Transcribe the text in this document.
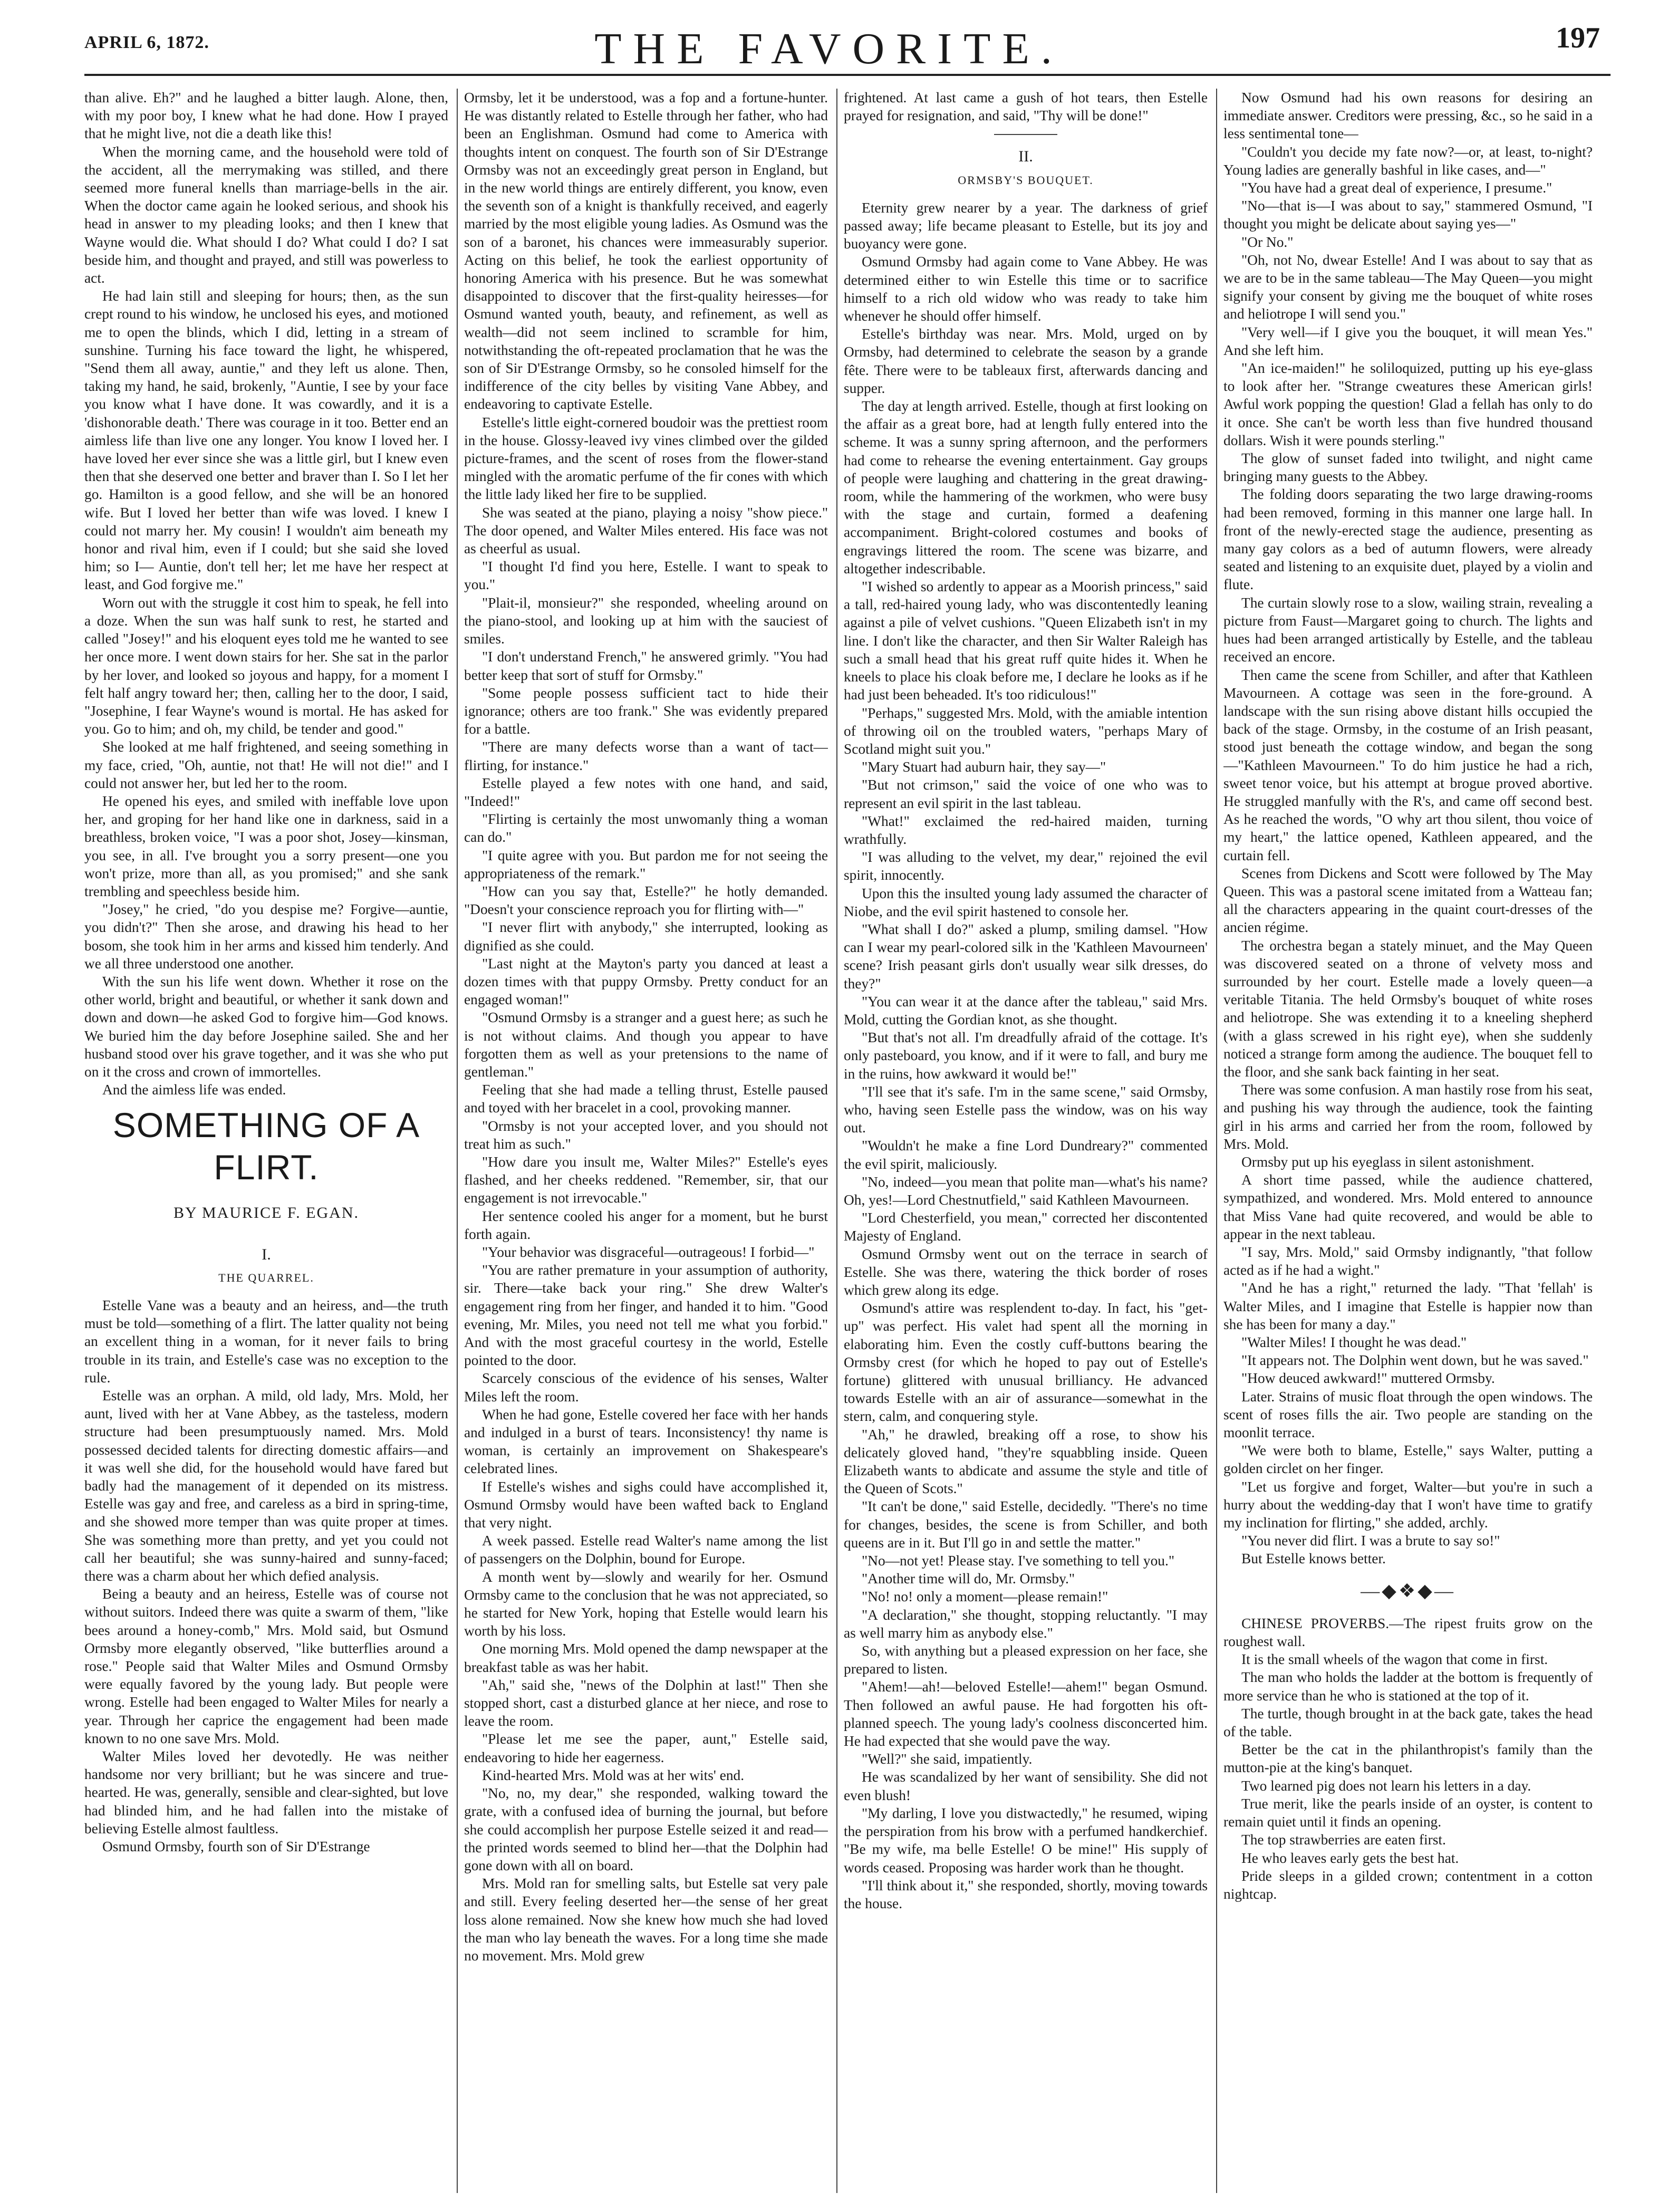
APRIL 6, 1872.	THE FAVORITE.	197

than alive. Eh?" and he laughed a bitter laugh. Alone, then, with my poor boy, I knew what he had done. How I prayed that he might live, not die a death like this!

When the morning came, and the household were told of the accident, all the merrymaking was stilled, and there seemed more funeral knells than marriage-bells in the air. When the doctor came again he looked serious, and shook his head in answer to my pleading looks; and then I knew that Wayne would die. What should I do? What could I do? I sat beside him, and thought and prayed, and still was powerless to act.

He had lain still and sleeping for hours; then, as the sun crept round to his window, he unclosed his eyes, and motioned me to open the blinds, which I did, letting in a stream of sunshine. Turning his face toward the light, he whispered, "Send them all away, auntie," and they left us alone. Then, taking my hand, he said, brokenly, "Auntie, I see by your face you know what I have done. It was cowardly, and it is a 'dishonorable death.' There was courage in it too. Better end an aimless life than live one any longer. You know I loved her. I have loved her ever since she was a little girl, but I knew even then that she deserved one better and braver than I. So I let her go. Hamilton is a good fellow, and she will be an honored wife. But I loved her better than wife was loved. I knew I could not marry her. My cousin! I wouldn't aim beneath my honor and rival him, even if I could; but she said she loved him; so I— Auntie, don't tell her; let me have her respect at least, and God forgive me."

Worn out with the struggle it cost him to speak, he fell into a doze. When the sun was half sunk to rest, he started and called "Josey!" and his eloquent eyes told me he wanted to see her once more. I went down stairs for her. She sat in the parlor by her lover, and looked so joyous and happy, for a moment I felt half angry toward her; then, calling her to the door, I said, "Josephine, I fear Wayne's wound is mortal. He has asked for you. Go to him; and oh, my child, be tender and good."

She looked at me half frightened, and seeing something in my face, cried, "Oh, auntie, not that! He will not die!" and I could not answer her, but led her to the room.

He opened his eyes, and smiled with ineffable love upon her, and groping for her hand like one in darkness, said in a breathless, broken voice, "I was a poor shot, Josey—kinsman, you see, in all. I've brought you a sorry present—one you won't prize, more than all, as you promised;" and she sank trembling and speechless beside him.

"Josey," he cried, "do you despise me? Forgive—auntie, you didn't?" Then she arose, and drawing his head to her bosom, she took him in her arms and kissed him tenderly. And we all three understood one another.

With the sun his life went down. Whether it rose on the other world, bright and beautiful, or whether it sank down and down and down—he asked God to forgive him—God knows. We buried him the day before Josephine sailed. She and her husband stood over his grave together, and it was she who put on it the cross and crown of immortelles.

And the aimless life was ended.

SOMETHING OF A FLIRT.
BY MAURICE F. EGAN.
I.
THE QUARREL.

Estelle Vane was a beauty and an heiress, and—the truth must be told—something of a flirt. The latter quality not being an excellent thing in a woman, for it never fails to bring trouble in its train, and Estelle's case was no exception to the rule.

Estelle was an orphan. A mild, old lady, Mrs. Mold, her aunt, lived with her at Vane Abbey, as the tasteless, modern structure had been presumptuously named. Mrs. Mold possessed decided talents for directing domestic affairs—and it was well she did, for the household would have fared but badly had the management of it depended on its mistress. Estelle was gay and free, and careless as a bird in spring-time, and she showed more temper than was quite proper at times. She was something more than pretty, and yet you could not call her beautiful; she was sunny-haired and sunny-faced; there was a charm about her which defied analysis.

Being a beauty and an heiress, Estelle was of course not without suitors. Indeed there was quite a swarm of them, "like bees around a honey-comb," Mrs. Mold said, but Osmund Ormsby more elegantly observed, "like butterflies around a rose." People said that Walter Miles and Osmund Ormsby were equally favored by the young lady. But people were wrong. Estelle had been engaged to Walter Miles for nearly a year. Through her caprice the engagement had been made known to no one save Mrs. Mold.

Walter Miles loved her devotedly. He was neither handsome nor very brilliant; but he was sincere and true-hearted. He was, generally, sensible and clear-sighted, but love had blinded him, and he had fallen into the mistake of believing Estelle almost faultless.

Osmund Ormsby, fourth son of Sir D'Estrange

Ormsby, let it be understood, was a fop and a fortune-hunter. He was distantly related to Estelle through her father, who had been an Englishman. Osmund had come to America with thoughts intent on conquest. The fourth son of Sir D'Estrange Ormsby was not an exceedingly great person in England, but in the new world things are entirely different, you know, even the seventh son of a knight is thankfully received, and eagerly married by the most eligible young ladies. As Osmund was the son of a baronet, his chances were immeasurably superior. Acting on this belief, he took the earliest opportunity of honoring America with his presence. But he was somewhat disappointed to discover that the first-quality heiresses—for Osmund wanted youth, beauty, and refinement, as well as wealth—did not seem inclined to scramble for him, notwithstanding the oft-repeated proclamation that he was the son of Sir D'Estrange Ormsby, so he consoled himself for the indifference of the city belles by visiting Vane Abbey, and endeavoring to captivate Estelle.

Estelle's little eight-cornered boudoir was the prettiest room in the house. Glossy-leaved ivy vines climbed over the gilded picture-frames, and the scent of roses from the flower-stand mingled with the aromatic perfume of the fir cones with which the little lady liked her fire to be supplied.

She was seated at the piano, playing a noisy "show piece." The door opened, and Walter Miles entered. His face was not as cheerful as usual.

"I thought I'd find you here, Estelle. I want to speak to you."

"Plait-il, monsieur?" she responded, wheeling around on the piano-stool, and looking up at him with the sauciest of smiles.

"I don't understand French," he answered grimly. "You had better keep that sort of stuff for Ormsby."

"Some people possess sufficient tact to hide their ignorance; others are too frank." She was evidently prepared for a battle.

"There are many defects worse than a want of tact—flirting, for instance."

Estelle played a few notes with one hand, and said, "Indeed!"

"Flirting is certainly the most unwomanly thing a woman can do."

"I quite agree with you. But pardon me for not seeing the appropriateness of the remark."

"How can you say that, Estelle?" he hotly demanded. "Doesn't your conscience reproach you for flirting with—"

"I never flirt with anybody," she interrupted, looking as dignified as she could.

"Last night at the Mayton's party you danced at least a dozen times with that puppy Ormsby. Pretty conduct for an engaged woman!"

"Osmund Ormsby is a stranger and a guest here; as such he is not without claims. And though you appear to have forgotten them as well as your pretensions to the name of gentleman."

Feeling that she had made a telling thrust, Estelle paused and toyed with her bracelet in a cool, provoking manner.

"Ormsby is not your accepted lover, and you should not treat him as such."

"How dare you insult me, Walter Miles?" Estelle's eyes flashed, and her cheeks reddened. "Remember, sir, that our engagement is not irrevocable."

Her sentence cooled his anger for a moment, but he burst forth again.

"Your behavior was disgraceful—outrageous! I forbid—"

"You are rather premature in your assumption of authority, sir. There—take back your ring." She drew Walter's engagement ring from her finger, and handed it to him. "Good evening, Mr. Miles, you need not tell me what you forbid." And with the most graceful courtesy in the world, Estelle pointed to the door.

Scarcely conscious of the evidence of his senses, Walter Miles left the room.

When he had gone, Estelle covered her face with her hands and indulged in a burst of tears. Inconsistency! thy name is woman, is certainly an improvement on Shakespeare's celebrated lines.

If Estelle's wishes and sighs could have accomplished it, Osmund Ormsby would have been wafted back to England that very night.

A week passed. Estelle read Walter's name among the list of passengers on the Dolphin, bound for Europe.

A month went by—slowly and wearily for her. Osmund Ormsby came to the conclusion that he was not appreciated, so he started for New York, hoping that Estelle would learn his worth by his loss.

One morning Mrs. Mold opened the damp newspaper at the breakfast table as was her habit.

"Ah," said she, "news of the Dolphin at last!" Then she stopped short, cast a disturbed glance at her niece, and rose to leave the room.

"Please let me see the paper, aunt," Estelle said, endeavoring to hide her eagerness.

Kind-hearted Mrs. Mold was at her wits' end.

"No, no, my dear," she responded, walking toward the grate, with a confused idea of burning the journal, but before she could accomplish her purpose Estelle seized it and read—the printed words seemed to blind her—that the Dolphin had gone down with all on board.

Mrs. Mold ran for smelling salts, but Estelle sat very pale and still. Every feeling deserted her—the sense of her great loss alone remained. Now she knew how much she had loved the man who lay beneath the waves. For a long time she made no movement. Mrs. Mold grew

frightened. At last came a gush of hot tears, then Estelle prayed for resignation, and said, "Thy will be done!"

II.
ORMSBY'S BOUQUET.

Eternity grew nearer by a year. The darkness of grief passed away; life became pleasant to Estelle, but its joy and buoyancy were gone.

Osmund Ormsby had again come to Vane Abbey. He was determined either to win Estelle this time or to sacrifice himself to a rich old widow who was ready to take him whenever he should offer himself.

Estelle's birthday was near. Mrs. Mold, urged on by Ormsby, had determined to celebrate the season by a grande fête. There were to be tableaux first, afterwards dancing and supper.

The day at length arrived. Estelle, though at first looking on the affair as a great bore, had at length fully entered into the scheme. It was a sunny spring afternoon, and the performers had come to rehearse the evening entertainment. Gay groups of people were laughing and chattering in the great drawing-room, while the hammering of the workmen, who were busy with the stage and curtain, formed a deafening accompaniment. Bright-colored costumes and books of engravings littered the room. The scene was bizarre, and altogether indescribable.

"I wished so ardently to appear as a Moorish princess," said a tall, red-haired young lady, who was discontentedly leaning against a pile of velvet cushions. "Queen Elizabeth isn't in my line. I don't like the character, and then Sir Walter Raleigh has such a small head that his great ruff quite hides it. When he kneels to place his cloak before me, I declare he looks as if he had just been beheaded. It's too ridiculous!"

"Perhaps," suggested Mrs. Mold, with the amiable intention of throwing oil on the troubled waters, "perhaps Mary of Scotland might suit you."

"Mary Stuart had auburn hair, they say—"

"But not crimson," said the voice of one who was to represent an evil spirit in the last tableau.

"What!" exclaimed the red-haired maiden, turning wrathfully.

"I was alluding to the velvet, my dear," rejoined the evil spirit, innocently.

Upon this the insulted young lady assumed the character of Niobe, and the evil spirit hastened to console her.

"What shall I do?" asked a plump, smiling damsel. "How can I wear my pearl-colored silk in the 'Kathleen Mavourneen' scene? Irish peasant girls don't usually wear silk dresses, do they?"

"You can wear it at the dance after the tableau," said Mrs. Mold, cutting the Gordian knot, as she thought.

"But that's not all. I'm dreadfully afraid of the cottage. It's only pasteboard, you know, and if it were to fall, and bury me in the ruins, how awkward it would be!"

"I'll see that it's safe. I'm in the same scene," said Ormsby, who, having seen Estelle pass the window, was on his way out.

"Wouldn't he make a fine Lord Dundreary?" commented the evil spirit, maliciously.

"No, indeed—you mean that polite man—what's his name? Oh, yes!—Lord Chestnutfield," said Kathleen Mavourneen.

"Lord Chesterfield, you mean," corrected her discontented Majesty of England.

Osmund Ormsby went out on the terrace in search of Estelle. She was there, watering the thick border of roses which grew along its edge.

Osmund's attire was resplendent to-day. In fact, his "get-up" was perfect. His valet had spent all the morning in elaborating him. Even the costly cuff-buttons bearing the Ormsby crest (for which he hoped to pay out of Estelle's fortune) glittered with unusual brilliancy. He advanced towards Estelle with an air of assurance—somewhat in the stern, calm, and conquering style.

"Ah," he drawled, breaking off a rose, to show his delicately gloved hand, "they're squabbling inside. Queen Elizabeth wants to abdicate and assume the style and title of the Queen of Scots."

"It can't be done," said Estelle, decidedly. "There's no time for changes, besides, the scene is from Schiller, and both queens are in it. But I'll go in and settle the matter."

"No—not yet! Please stay. I've something to tell you."

"Another time will do, Mr. Ormsby."

"No! no! only a moment—please remain!"

"A declaration," she thought, stopping reluctantly. "I may as well marry him as anybody else."

So, with anything but a pleased expression on her face, she prepared to listen.

"Ahem!—ah!—beloved Estelle!—ahem!" began Osmund. Then followed an awful pause. He had forgotten his oft-planned speech. The young lady's coolness disconcerted him. He had expected that she would pave the way.

"Well?" she said, impatiently.

He was scandalized by her want of sensibility. She did not even blush!

"My darling, I love you distwactedly," he resumed, wiping the perspiration from his brow with a perfumed handkerchief. "Be my wife, ma belle Estelle! O be mine!" His supply of words ceased. Proposing was harder work than he thought.

"I'll think about it," she responded, shortly, moving towards the house.

Now Osmund had his own reasons for desiring an immediate answer. Creditors were pressing, &c., so he said in a less sentimental tone—

"Couldn't you decide my fate now?—or, at least, to-night? Young ladies are generally bashful in like cases, and—"

"You have had a great deal of experience, I presume."

"No—that is—I was about to say," stammered Osmund, "I thought you might be delicate about saying yes—"

"Or No."

"Oh, not No, dwear Estelle! And I was about to say that as we are to be in the same tableau—The May Queen—you might signify your consent by giving me the bouquet of white roses and heliotrope I will send you."

"Very well—if I give you the bouquet, it will mean Yes." And she left him.

"An ice-maiden!" he soliloquized, putting up his eye-glass to look after her. "Strange cweatures these American girls! Awful work popping the question! Glad a fellah has only to do it once. She can't be worth less than five hundred thousand dollars. Wish it were pounds sterling."

The glow of sunset faded into twilight, and night came bringing many guests to the Abbey.

The folding doors separating the two large drawing-rooms had been removed, forming in this manner one large hall. In front of the newly-erected stage the audience, presenting as many gay colors as a bed of autumn flowers, were already seated and listening to an exquisite duet, played by a violin and flute.

The curtain slowly rose to a slow, wailing strain, revealing a picture from Faust—Margaret going to church. The lights and hues had been arranged artistically by Estelle, and the tableau received an encore.

Then came the scene from Schiller, and after that Kathleen Mavourneen. A cottage was seen in the fore-ground. A landscape with the sun rising above distant hills occupied the back of the stage. Ormsby, in the costume of an Irish peasant, stood just beneath the cottage window, and began the song—"Kathleen Mavourneen." To do him justice he had a rich, sweet tenor voice, but his attempt at brogue proved abortive. He struggled manfully with the R's, and came off second best. As he reached the words, "O why art thou silent, thou voice of my heart," the lattice opened, Kathleen appeared, and the curtain fell.

Scenes from Dickens and Scott were followed by The May Queen. This was a pastoral scene imitated from a Watteau fan; all the characters appearing in the quaint court-dresses of the ancien régime.

The orchestra began a stately minuet, and the May Queen was discovered seated on a throne of velvety moss and surrounded by her court. Estelle made a lovely queen—a veritable Titania. The held Ormsby's bouquet of white roses and heliotrope. She was extending it to a kneeling shepherd (with a glass screwed in his right eye), when she suddenly noticed a strange form among the audience. The bouquet fell to the floor, and she sank back fainting in her seat.

There was some confusion. A man hastily rose from his seat, and pushing his way through the audience, took the fainting girl in his arms and carried her from the room, followed by Mrs. Mold.

Ormsby put up his eyeglass in silent astonishment.

A short time passed, while the audience chattered, sympathized, and wondered. Mrs. Mold entered to announce that Miss Vane had quite recovered, and would be able to appear in the next tableau.

"I say, Mrs. Mold," said Ormsby indignantly, "that follow acted as if he had a wight."

"And he has a right," returned the lady. "That 'fellah' is Walter Miles, and I imagine that Estelle is happier now than she has been for many a day."

"Walter Miles! I thought he was dead."

"It appears not. The Dolphin went down, but he was saved."

"How deuced awkward!" muttered Ormsby.

Later. Strains of music float through the open windows. The scent of roses fills the air. Two people are standing on the moonlit terrace.

"We were both to blame, Estelle," says Walter, putting a golden circlet on her finger.

"Let us forgive and forget, Walter—but you're in such a hurry about the wedding-day that I won't have time to gratify my inclination for flirting," she added, archly.

"You never did flirt. I was a brute to say so!"

But Estelle knows better.

—◆❖◆—

CHINESE PROVERBS.—The ripest fruits grow on the roughest wall.

It is the small wheels of the wagon that come in first.

The man who holds the ladder at the bottom is frequently of more service than he who is stationed at the top of it.

The turtle, though brought in at the back gate, takes the head of the table.

Better be the cat in the philanthropist's family than the mutton-pie at the king's banquet.

Two learned pig does not learn his letters in a day.

True merit, like the pearls inside of an oyster, is content to remain quiet until it finds an opening.

The top strawberries are eaten first.

He who leaves early gets the best hat.

Pride sleeps in a gilded crown; contentment in a cotton nightcap.
